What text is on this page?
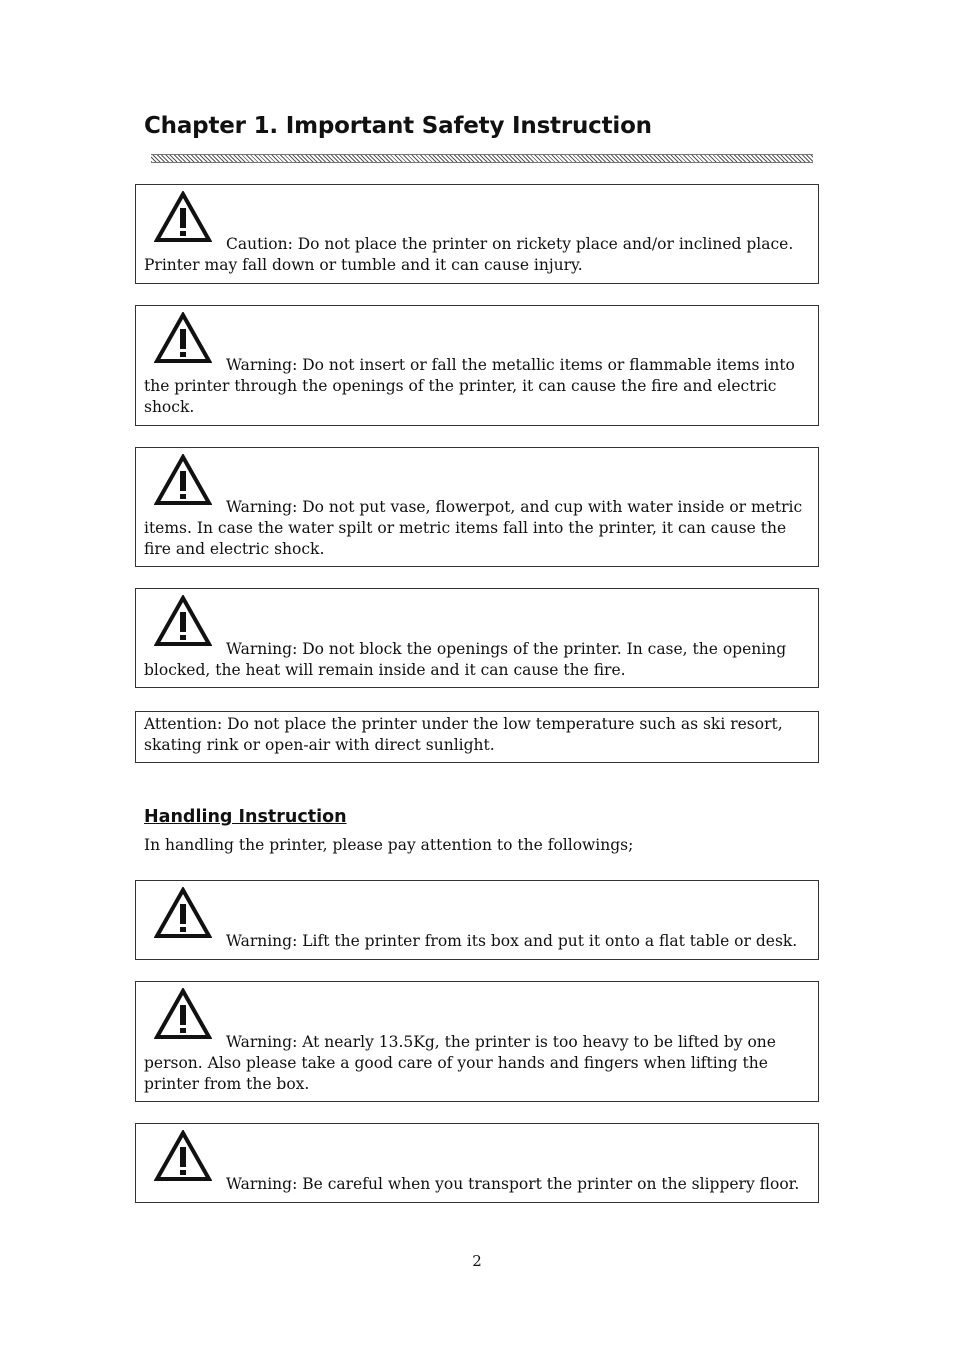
Chapter 1. Important Safety Instruction
Caution: Do not place the printer on rickety place and/or inclined place. Printer may fall down or tumble and it can cause injury.
Warning: Do not insert or fall the metallic items or flammable items into the printer through the openings of the printer, it can cause the fire and electric shock.
Warning: Do not put vase, flowerpot, and cup with water inside or metric items. In case the water spilt or metric items fall into the printer, it can cause the fire and electric shock.
Warning: Do not block the openings of the printer. In case, the opening blocked, the heat will remain inside and it can cause the fire.
Attention: Do not place the printer under the low temperature such as ski resort, skating rink or open-air with direct sunlight.
Handling Instruction
In handling the printer, please pay attention to the followings;
Warning: Lift the printer from its box and put it onto a flat table or desk.
Warning: At nearly 13.5Kg, the printer is too heavy to be lifted by one person. Also please take a good care of your hands and fingers when lifting the printer from the box.
Warning: Be careful when you transport the printer on the slippery floor.
2
